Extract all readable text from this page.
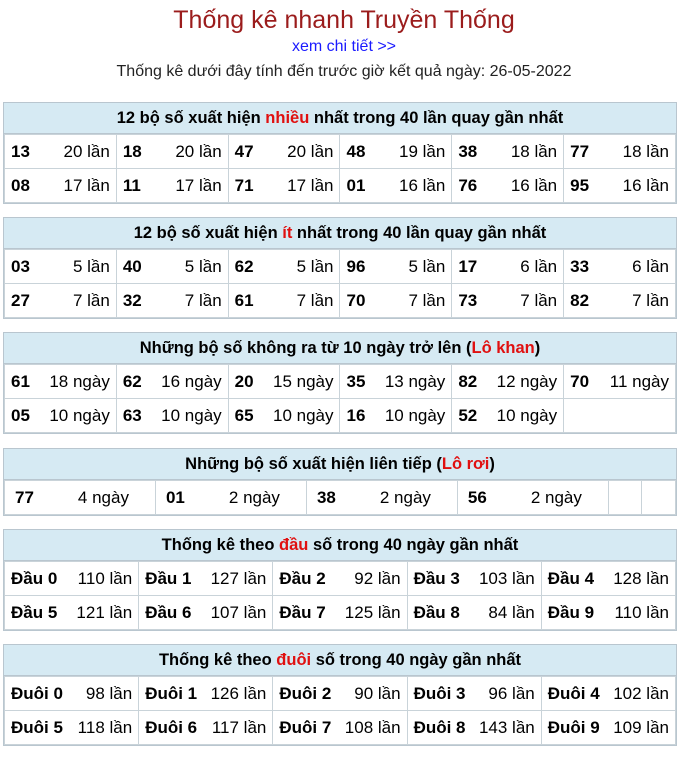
Thống kê nhanh Truyền Thống
xem chi tiết >>
Thống kê dưới đây tính đến trước giờ kết quả ngày: 26-05-2022
12 bộ số xuất hiện nhiều nhất trong 40 lần quay gần nhất
13 20 lần	18 20 lần	47 20 lần	48 19 lần	38 18 lần	77 18 lần

08 17 lần	11 17 lần	71 17 lần	01 16 lần	76 16 lần	95 16 lần
12 bộ số xuất hiện ít nhất trong 40 lần quay gần nhất
03 5 lần	40 5 lần	62 5 lần	96 5 lần	17 6 lần	33 6 lần

27 7 lần	32 7 lần	61 7 lần	70 7 lần	73 7 lần	82 7 lần
Những bộ số không ra từ 10 ngày trở lên (Lô khan)
61 18 ngày	62 16 ngày	20 15 ngày	35 13 ngày	82 12 ngày	70 11 ngày

05 10 ngày	63 10 ngày	65 10 ngày	16 10 ngày	52 10 ngày	

Những bộ số xuất hiện liên tiếp (Lô rơi)
77	4 ngày	01	2 ngày	38	2 ngày	56	2 ngày

Thống kê theo đầu số trong 40 ngày gần nhất
Đầu 0 110 lần	Đầu 1 127 lần	Đầu 2 92 lần	Đầu 3 103 lần	Đầu 4 128 lần

Đầu 5 121 lần	Đầu 6 107 lần	Đầu 7 125 lần	Đầu 8 84 lần	Đầu 9 110 lần
Thống kê theo đuôi số trong 40 ngày gần nhất
Đuôi 0 98 lần	Đuôi 1 126 lần	Đuôi 2 90 lần	Đuôi 3 96 lần	Đuôi 4 102 lần

Đuôi 5 118 lần	Đuôi 6 117 lần	Đuôi 7 108 lần	Đuôi 8 143 lần	Đuôi 9 109 lần
